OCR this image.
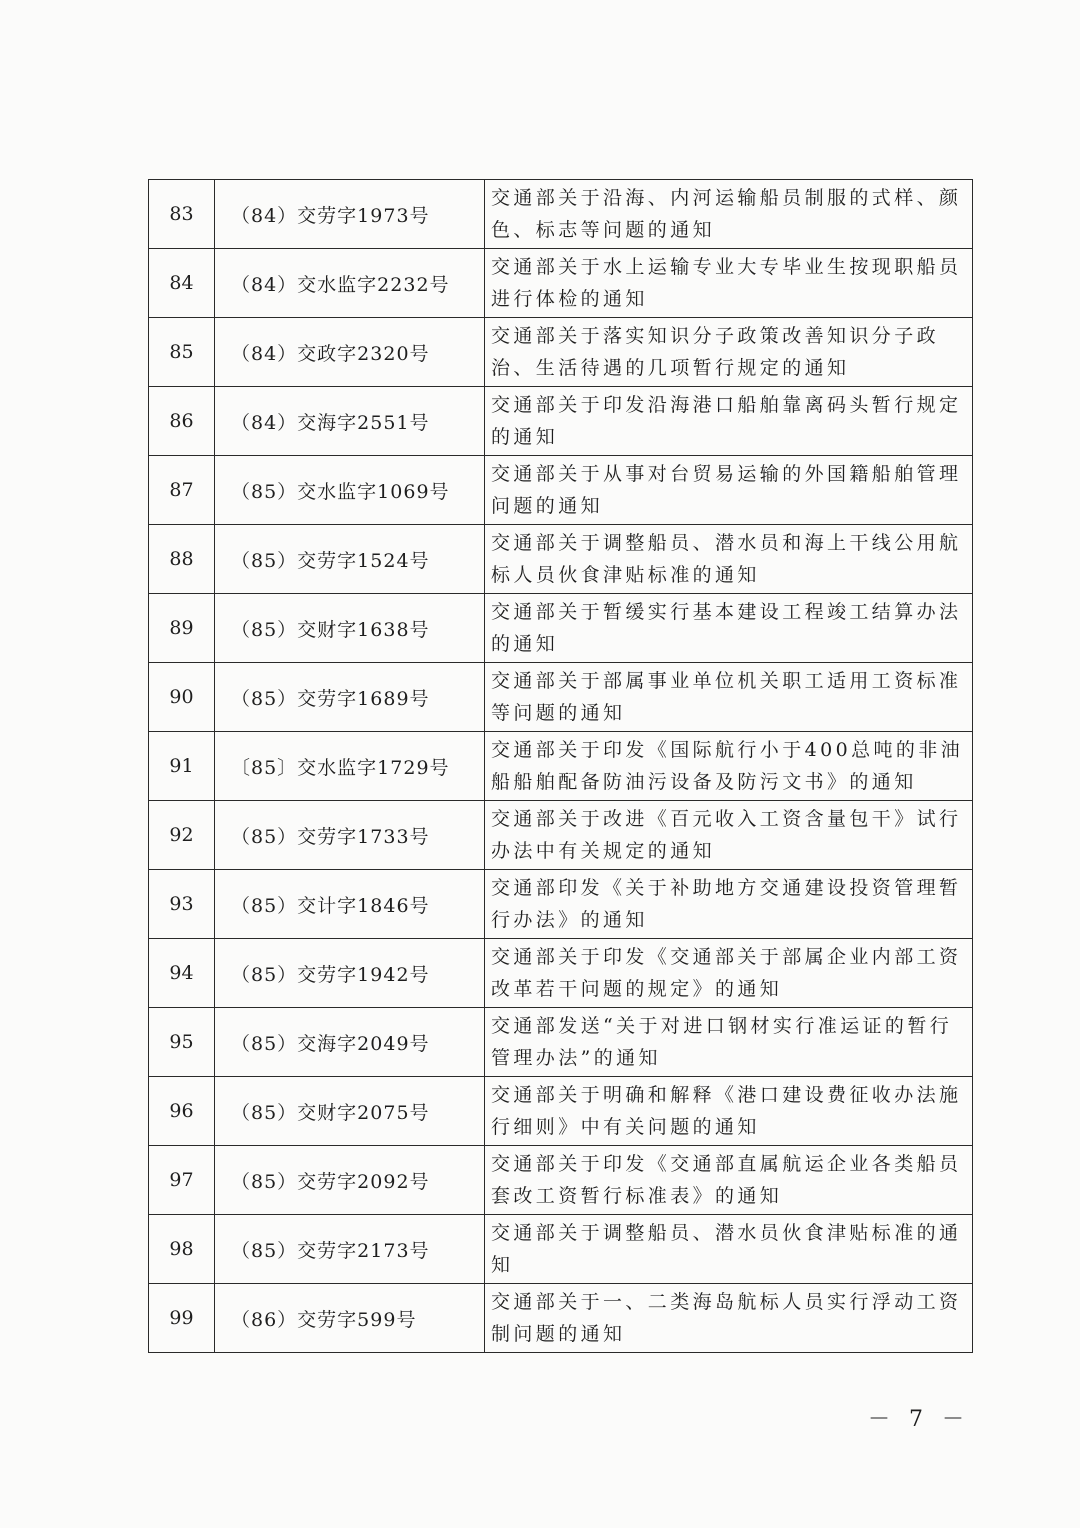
83	（84）交劳字1973号	交通部关于沿海、内河运输船员制服的式样、颜色、标志等问题的通知
84	（84）交水监字2232号	交通部关于水上运输专业大专毕业生按现职船员进行体检的通知
85	（84）交政字2320号	交通部关于落实知识分子政策改善知识分子政治、生活待遇的几项暂行规定的通知
86	（84）交海字2551号	交通部关于印发沿海港口船舶靠离码头暂行规定的通知
87	（85）交水监字1069号	交通部关于从事对台贸易运输的外国籍船舶管理问题的通知
88	（85）交劳字1524号	交通部关于调整船员、潜水员和海上干线公用航标人员伙食津贴标准的通知
89	（85）交财字1638号	交通部关于暂缓实行基本建设工程竣工结算办法的通知
90	（85）交劳字1689号	交通部关于部属事业单位机关职工适用工资标准等问题的通知
91	〔85〕交水监字1729号	交通部关于印发《国际航行小于400总吨的非油船船舶配备防油污设备及防污文书》的通知
92	（85）交劳字1733号	交通部关于改进《百元收入工资含量包干》试行办法中有关规定的通知
93	（85）交计字1846号	交通部印发《关于补助地方交通建设投资管理暂行办法》的通知
94	（85）交劳字1942号	交通部关于印发《交通部关于部属企业内部工资改革若干问题的规定》的通知
95	（85）交海字2049号	交通部发送“关于对进口钢材实行准运证的暂行管理办法”的通知
96	（85）交财字2075号	交通部关于明确和解释《港口建设费征收办法施行细则》中有关问题的通知
97	（85）交劳字2092号	交通部关于印发《交通部直属航运企业各类船员套改工资暂行标准表》的通知
98	（85）交劳字2173号	交通部关于调整船员、潜水员伙食津贴标准的通知
99	（86）交劳字599号	交通部关于一、二类海岛航标人员实行浮动工资制问题的通知
－ 7 －
